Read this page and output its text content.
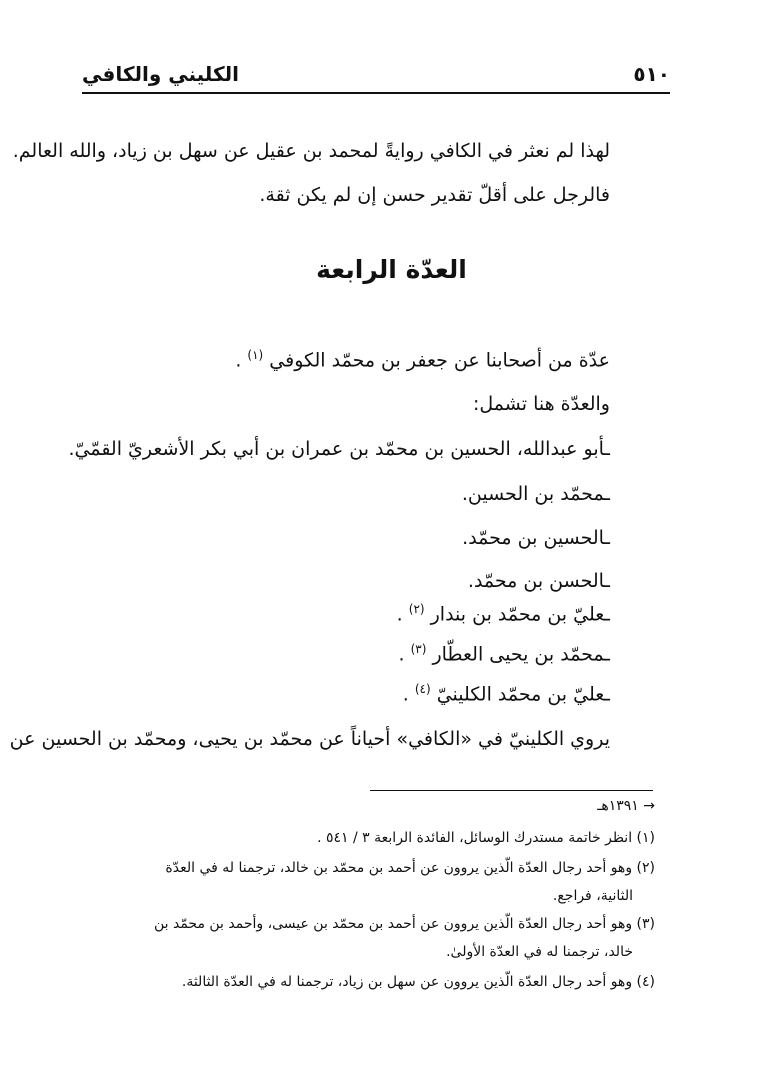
٥١٠
الكليني والكافي
لهذا لم نعثر في الكافي روايةً لمحمد بن عقيل عن سهل بن زياد، والله العالم.
فالرجل على أقلّ تقدير حسن إن لم يكن ثقة.
العدّة الرابعة
عدّة من أصحابنا عن جعفر بن محمّد الكوفي $^{(١)}$ .
والعدّة هنا تشمل:
ـأبو عبدالله، الحسين بن محمّد بن عمران بن أبي بكر الأشعريّ القمّيّ.
ـمحمّد بن الحسين.
ـالحسين بن محمّد.
ـالحسن بن محمّد.
ـعليّ بن محمّد بن بندار $^{(٢)}$ .
ـمحمّد بن يحيى العطّار $^{(٣)}$ .
ـعليّ بن محمّد الكلينيّ $^{(٤)}$ .
يروي الكلينيّ في «الكافي» أحياناً عن محمّد بن يحيى، ومحمّد بن الحسين عن
→ ١٣٩١هـ
(١) انظر خاتمة مستدرك الوسائل، الفائدة الرابعة ٣ / ٥٤١ .
(٢) وهو أحد رجال العدّة الّذين يروون عن أحمد بن محمّد بن خالد، ترجمنا له في العدّة
الثانية، فراجع.
(٣) وهو أحد رجال العدّة الّذين يروون عن أحمد بن محمّد بن عيسى، وأحمد بن محمّد بن
خالد، ترجمنا له في العدّة الأولىٰ.
(٤) وهو أحد رجال العدّة الّذين يروون عن سهل بن زياد، ترجمنا له في العدّة الثالثة.
